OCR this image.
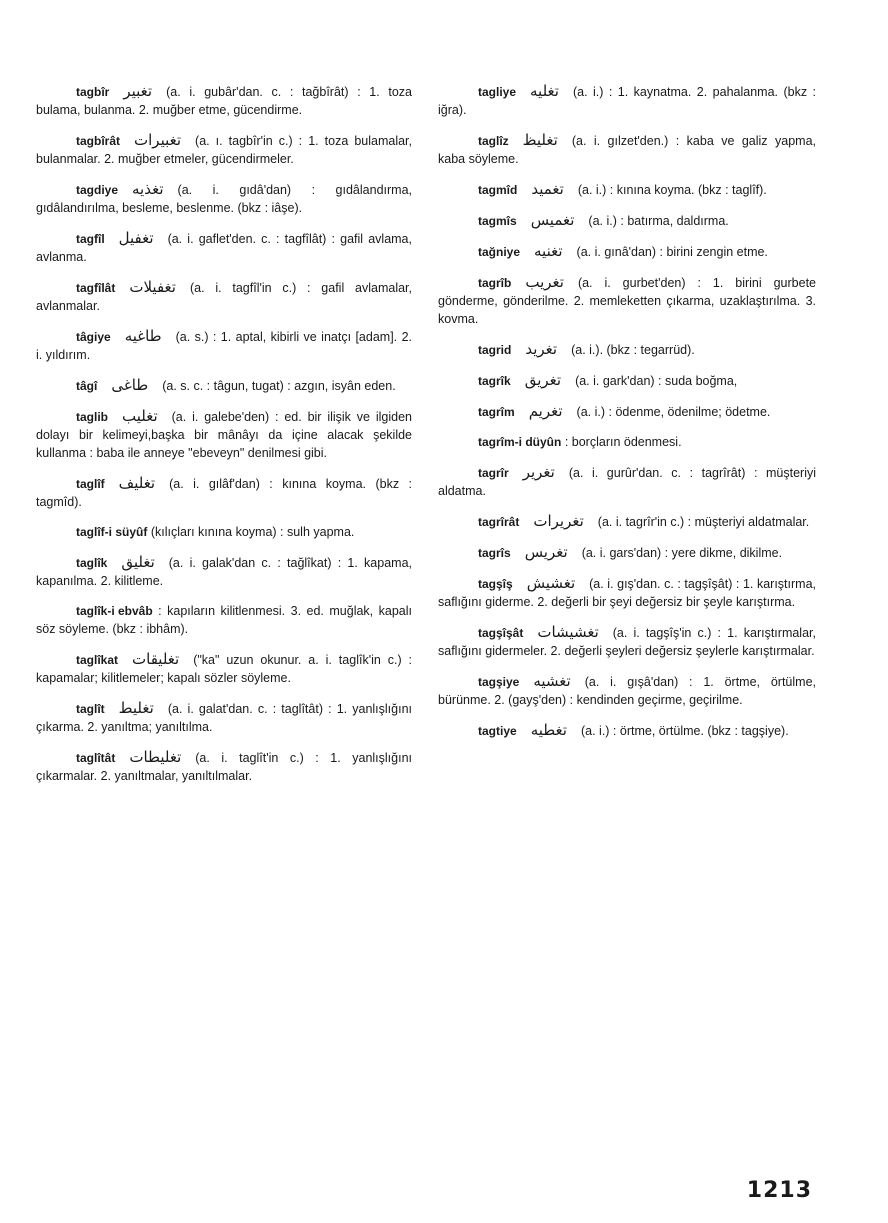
tagbîr تغبير (a. i. gubâr'dan. c. : tağbîrât) : 1. toza bulama, bulanma. 2. muğber etme, gücendirme.
tagbîrât تغبيرات (a. ı. tagbîr'in c.) : 1. toza bulamalar, bulanmalar. 2. muğber etmeler, gücendirmeler.
tagdiye تغذيه (a. i. gıdâ'dan) : gıdâlandırma, gıdâlandırılma, besleme, beslenme. (bkz : iâşe).
tagfîl تغفيل (a. i. gaflet'den. c. : tagfîlât) : gafil avlama, avlanma.
tagfîlât تغفيلات (a. i. tagfîl'in c.) : gafil avlamalar, avlanmalar.
tâgiye طاغيه (a. s.) : 1. aptal, kibirli ve inatçı [adam]. 2. i. yıldırım.
tâgî طاغى (a. s. c. : tâgun, tugat) : azgın, isyân eden.
taglib تغليب (a. i. galebe'den) : ed. bir ilişik ve ilgiden dolayı bir kelimeyi,başka bir mânâyı da içine alacak şekilde kullanma : baba ile anneye "ebeveyn" denilmesi gibi.
taglîf تغليف (a. i. gılâf'dan) : kınına koyma. (bkz : tagmîd).
taglîf-i süyûf (kılıçları kınına koyma) : sulh yapma.
taglîk تغليق (a. i. galak'dan c. : tağlîkat) : 1. kapama, kapanılma. 2. kilitleme.
taglîk-i ebvâb : kapıların kilitlenmesi. 3. ed. muğlak, kapalı söz söyleme. (bkz : ibhâm).
taglîkat تغليقات ("ka" uzun okunur. a. i. taglîk'in c.) : kapamalar; kilitlemeler; kapalı sözler söyleme.
taglît تغليط (a. i. galat'dan. c. : taglîtât) : 1. yanlışlığını çıkarma. 2. yanıltma; yanıltılma.
taglîtât تغليطات (a. i. taglît'in c.) : 1. yanlışlığını çıkarmalar. 2. yanıltmalar, yanıltılmalar.
tagliye تغليه (a. i.) : 1. kaynatma. 2. pahalanma. (bkz : iğra).
taglîz تغليظ (a. i. gılzet'den.) : kaba ve galiz yapma, kaba söyleme.
tagmîd تغميد (a. i.) : kınına koyma. (bkz : taglîf).
tagmîs تغميس (a. i.) : batırma, daldırma.
tağniye تغنيه (a. i. gınâ'dan) : birini zengin etme.
tagrîb تغريب (a. i. gurbet'den) : 1. birini gurbete gönderme, gönderilme. 2. memleketten çıkarma, uzaklaştırılma. 3. kovma.
tagrid تغريد (a. i.). (bkz : tegarrüd).
tagrîk تغريق (a. i. gark'dan) : suda boğma,
tagrîm تغريم (a. i.) : ödenme, ödenilme; ödetme.
tagrîm-i düyûn : borçların ödenmesi.
tagrîr تغرير (a. i. gurûr'dan. c. : tagrîrât) : müşteriyi aldatma.
tagrîrât تغريرات (a. i. tagrîr'in c.) : müşteriyi aldatmalar.
tagrîs تغريس (a. i. gars'dan) : yere dikme, dikilme.
tagşîş تغشيش (a. i. gış'dan. c. : tagşîşât) : 1. karıştırma, saflığını giderme. 2. değerli bir şeyi değersiz bir şeyle karıştırma.
tagşîşât تغشيشات (a. i. tagşîş'in c.) : 1. karıştırmalar, saflığını gidermeler. 2. değerli şeyleri değersiz şeylerle karıştırmalar.
tagşiye تغشيه (a. i. gışâ'dan) : 1. örtme, örtülme, bürünme. 2. (gayş'den) : kendinden geçirme, geçirilme.
tagtiye تغطيه (a. i.) : örtme, örtülme. (bkz : tagşiye).
1213
